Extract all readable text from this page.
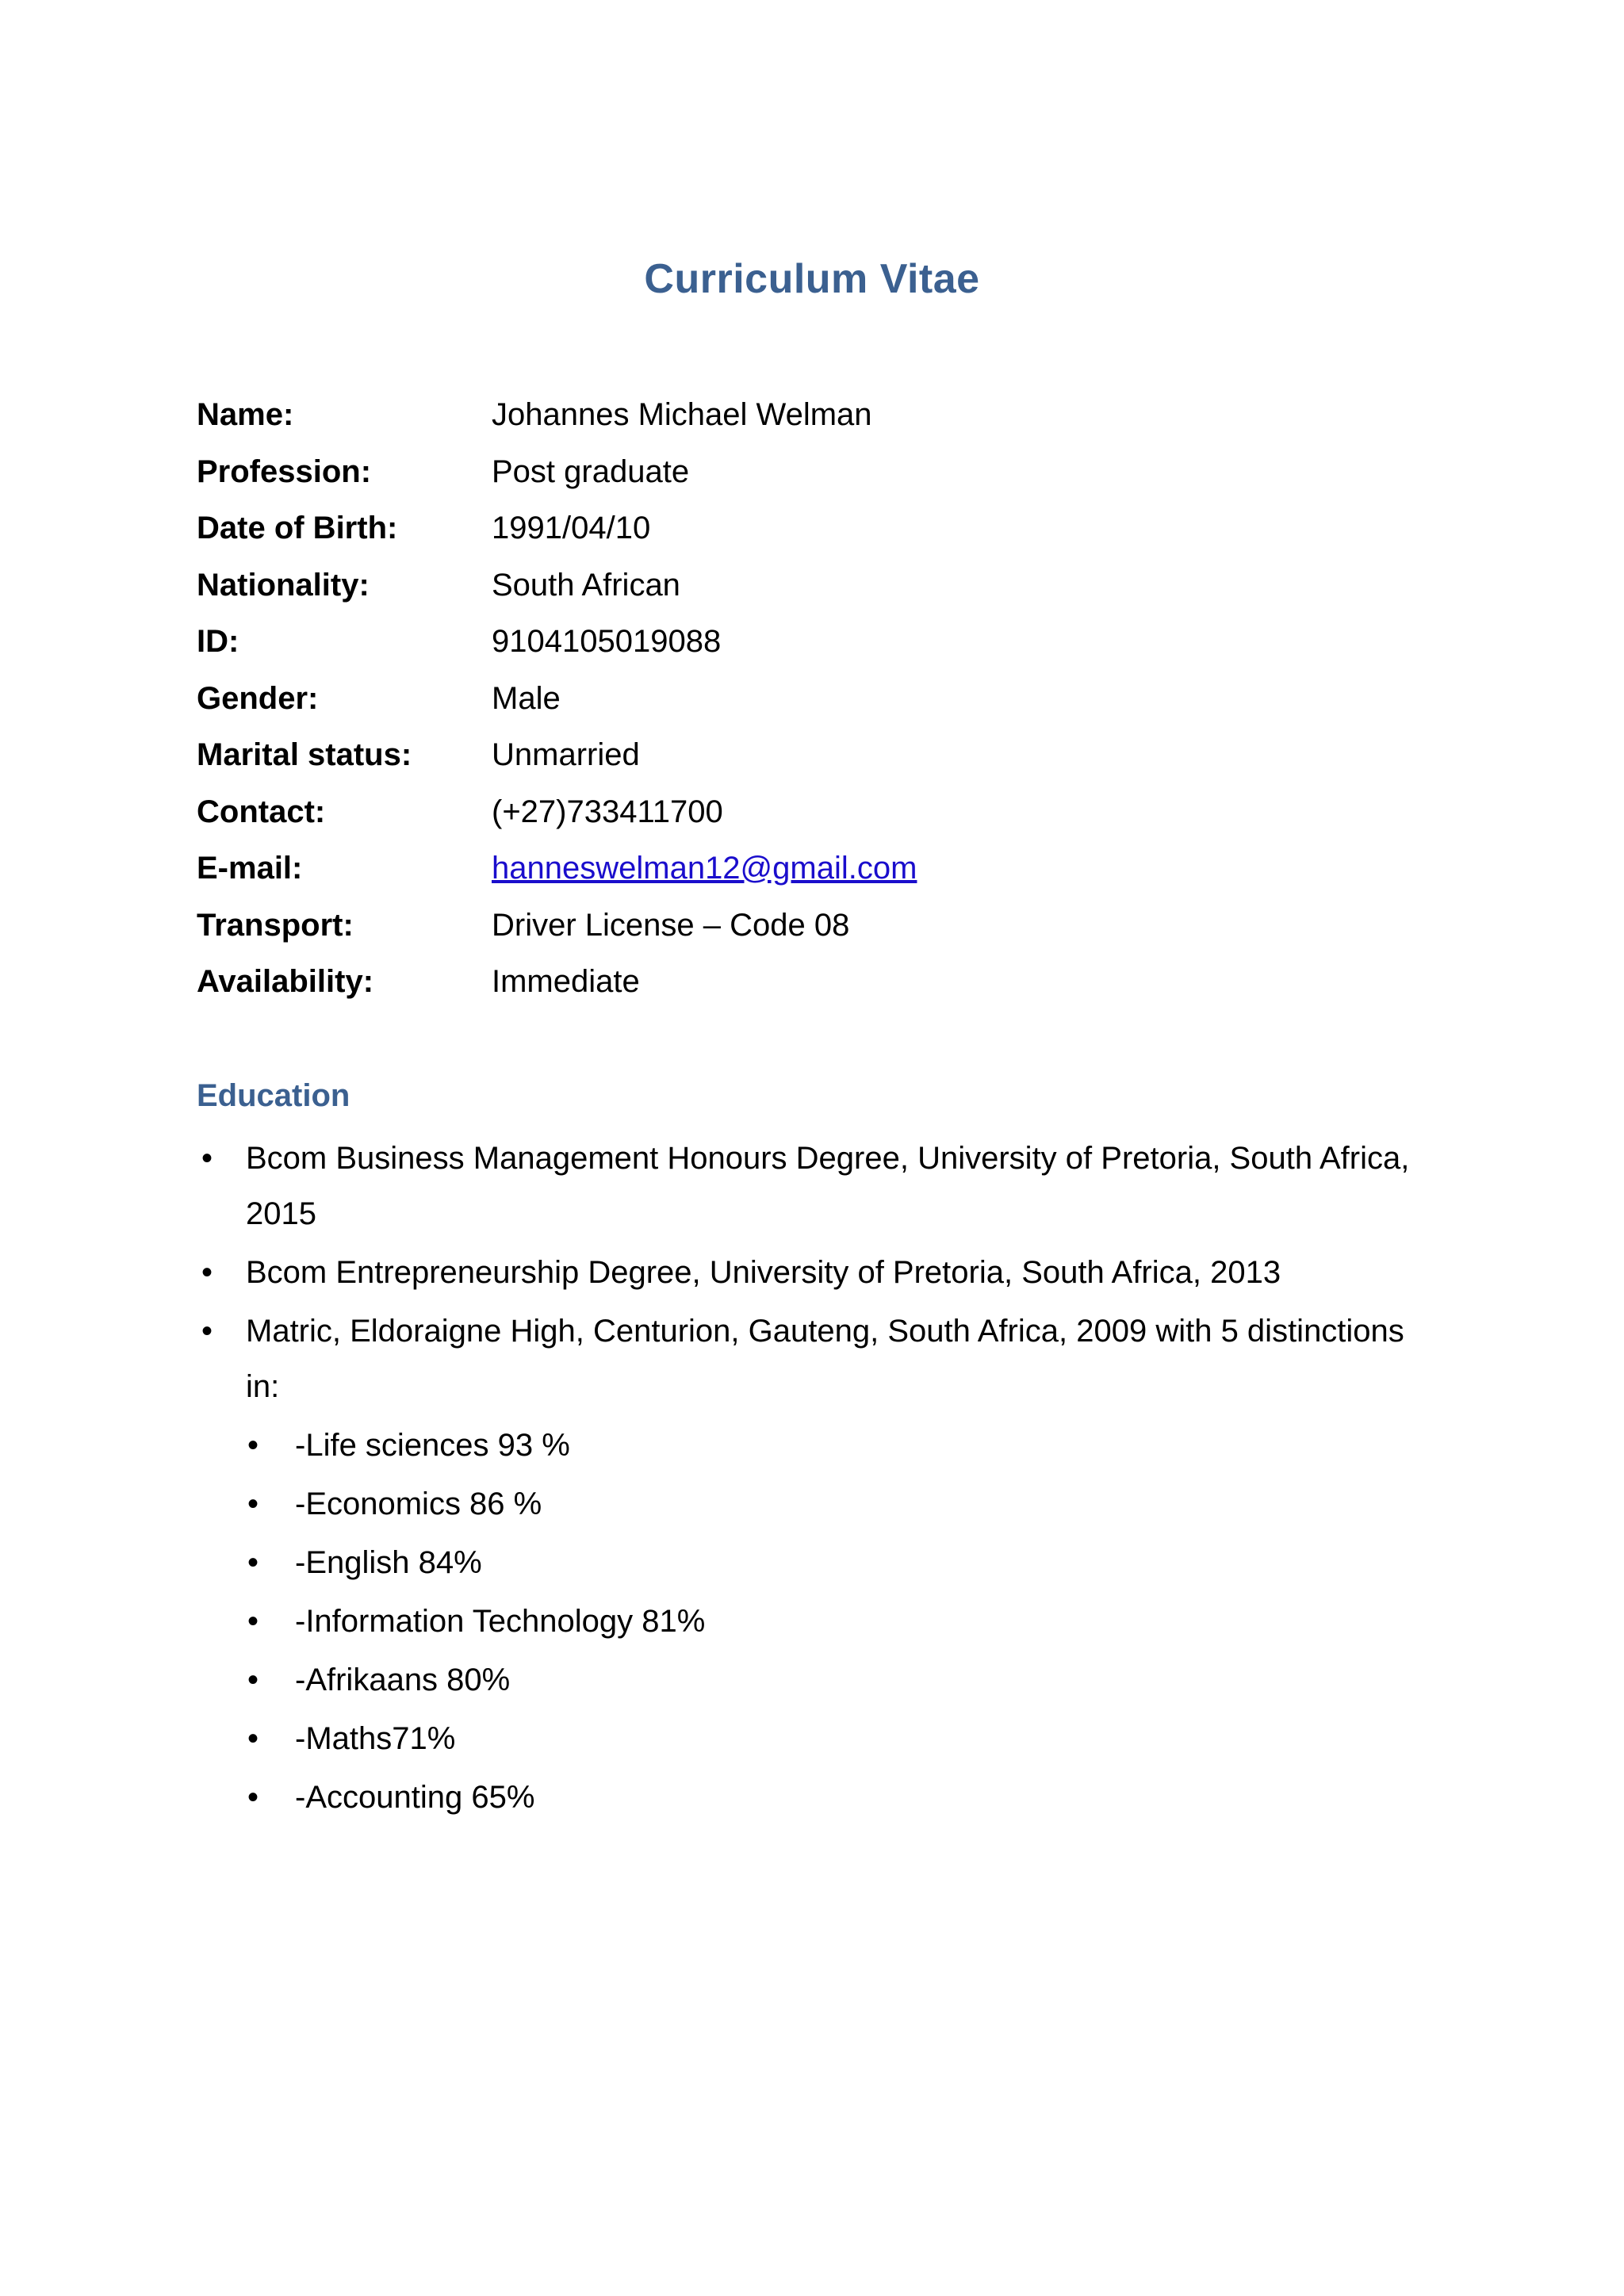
Curriculum Vitae
Name:	Johannes Michael Welman
Profession:	Post graduate
Date of Birth:	1991/04/10
Nationality:	South African
ID:	9104105019088
Gender:	Male
Marital status:	Unmarried
Contact:	(+27)733411700
E-mail:	hanneswelman12@gmail.com
Transport:	Driver License – Code 08
Availability:	Immediate
Education
• Bcom Business Management Honours Degree, University of Pretoria, South Africa, 2015
• Bcom Entrepreneurship Degree, University of Pretoria, South Africa, 2013
• Matric, Eldoraigne High, Centurion, Gauteng, South Africa, 2009 with 5 distinctions in:
• -Life sciences 93 %
• -Economics 86 %
• -English 84%
• -Information Technology 81%
• -Afrikaans 80%
• -Maths71%
• -Accounting 65%
